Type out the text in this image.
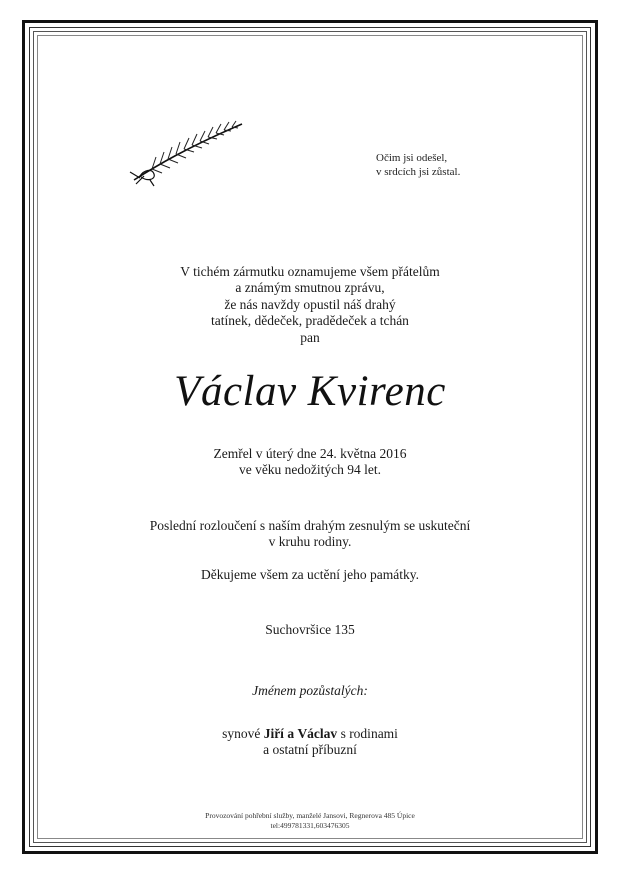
Očim jsi odešel,
v srdcích jsi zůstal.
V tichém zármutku oznamujeme všem přátelům
a známým smutnou zprávu,
že nás navždy opustil náš drahý
tatínek, dědeček, pradědeček a tchán
pan
Václav Kvirenc
Zemřel v úterý dne 24. května 2016
ve věku nedožitých 94 let.
Poslední rozloučení s naším drahým zesnulým se uskuteční
v kruhu rodiny.
Děkujeme všem za uctění jeho památky.
Suchovršice 135
Jménem pozůstalých:
synové Jiří a Václav s rodinami
a ostatní příbuzní
Provozování pohřební služby, manželé Jansovi, Regnerova 485 Úpice
tel:499781331,603476305
